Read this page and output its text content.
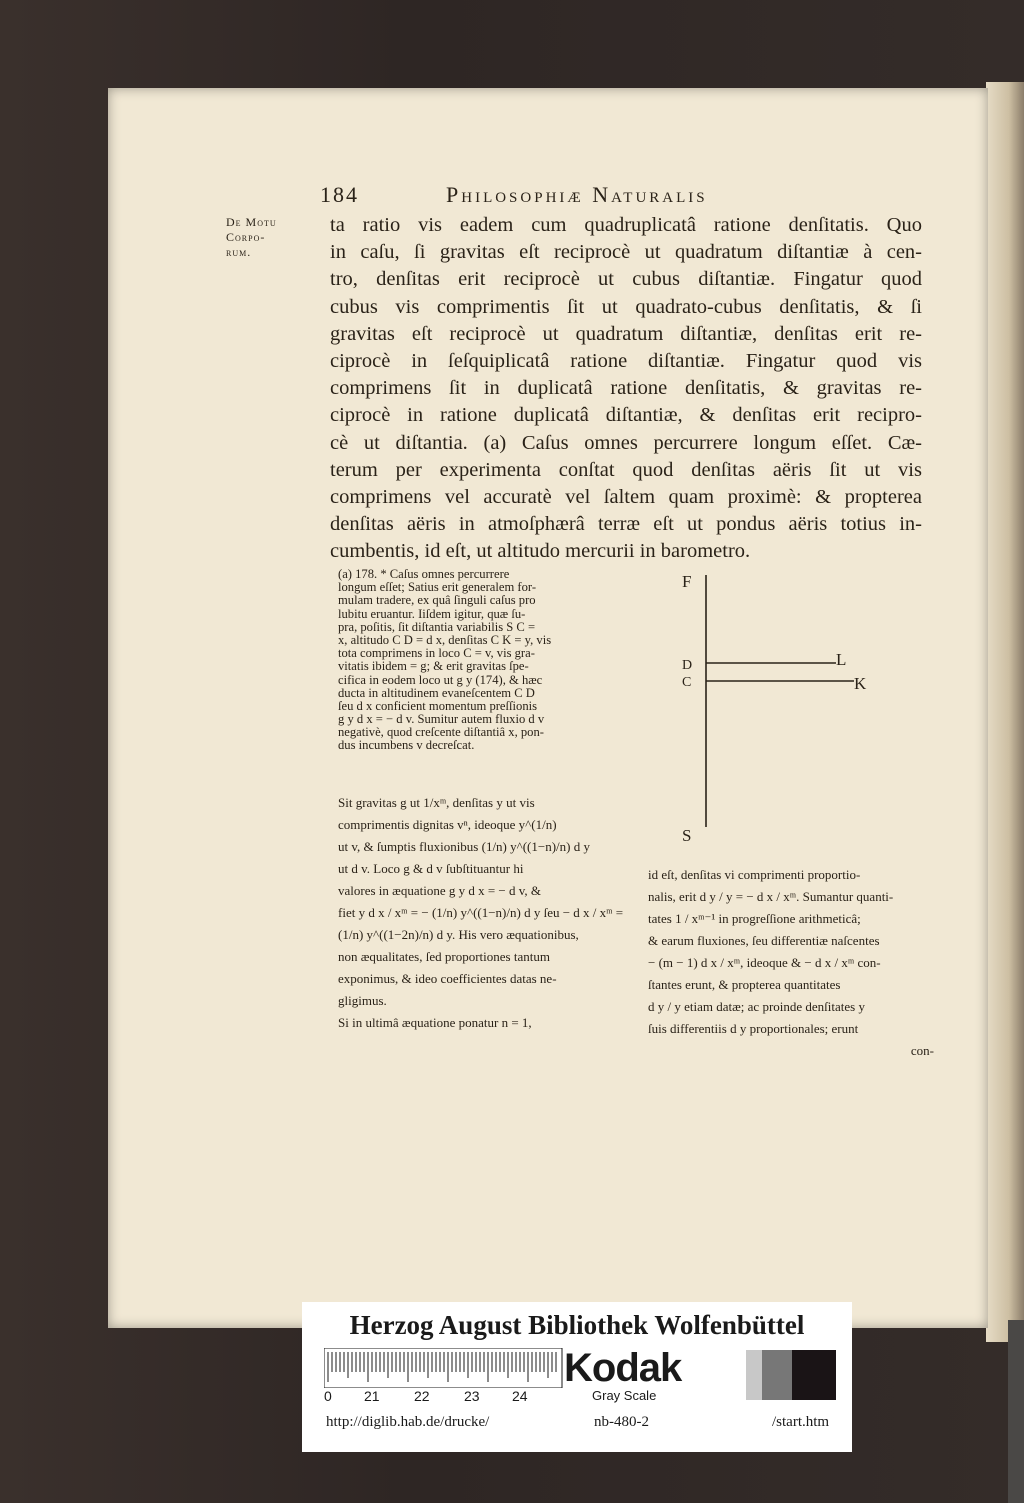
184	Philosophiæ Naturalis
De Motu
Corpo-
rum.
ta ratio vis eadem cum quadruplicatâ ratione denſitatis. Quo
in caſu, ſi gravitas eſt reciprocè ut quadratum diſtantiæ à cen-
tro, denſitas erit reciprocè ut cubus diſtantiæ. Fingatur quod
cubus vis comprimentis ſit ut quadrato-cubus denſitatis, & ſi
gravitas eſt reciprocè ut quadratum diſtantiæ, denſitas erit re-
ciprocè in ſeſquiplicatâ ratione diſtantiæ. Fingatur quod vis
comprimens ſit in duplicatâ ratione denſitatis, & gravitas re-
ciprocè in ratione duplicatâ diſtantiæ, & denſitas erit recipro-
cè ut diſtantia. (a) Caſus omnes percurrere longum eſſet. Cæ-
terum per experimenta conſtat quod denſitas aëris ſit ut vis
comprimens vel accuratè vel ſaltem quam proximè: & propterea
denſitas aëris in atmoſphærâ terræ eſt ut pondus aëris totius in-
cumbentis, id eſt, ut altitudo mercurii in barometro.
(a) 178. * Caſus omnes percurrere
longum eſſet; Satius erit generalem for-
mulam tradere, ex quâ ſinguli caſus pro
lubitu eruantur. Iiſdem igitur, quæ ſu-
pra, poſitis, ſit diſtantia variabilis S C =
x, altitudo C D = d x, denſitas C K = y, vis
tota comprimens in loco C = v, vis gra-
vitatis ibidem = g; & erit gravitas ſpe-
cifica in eodem loco ut g y (174), & hæc
ducta in altitudinem evaneſcentem C D
ſeu d x conficient momentum preſſionis
g y d x = − d v. Sumitur autem fluxio d v
negativè, quod creſcente diſtantiâ x, pon-
dus incumbens v decreſcat.
Sit gravitas g ut 1/xᵐ, denſitas y ut vis
comprimentis dignitas vⁿ, ideoque y^(1/n)
ut v, & ſumptis fluxionibus (1/n) y^((1−n)/n) d y
ut d v. Loco g & d v ſubſtituantur hi
valores in æquatione g y d x = − d v, &
fiet y d x / xᵐ = − (1/n) y^((1−n)/n) d y ſeu − d x / xᵐ =
(1/n) y^((1−2n)/n) d y. His vero æquationibus,
non æqualitates, ſed proportiones tantum
exponimus, & ideo coefficientes datas ne-
gligimus.
Si in ultimâ æquatione ponatur n = 1,
id eſt, denſitas vi comprimenti proportio-
nalis, erit d y / y = − d x / xᵐ. Sumantur quanti-
tates 1 / xᵐ⁻¹ in progreſſione arithmeticâ;
& earum fluxiones, ſeu differentiæ naſcentes
− (m − 1) d x / xᵐ, ideoque & − d x / xᵐ con-
ſtantes erunt, & propterea quantitates
d y / y etiam datæ; ac proinde denſitates y
ſuis differentiis d y proportionales; erunt
con-
F
D	L
C	K
S
Herzog August Bibliothek Wolfenbüttel
0 21 22 23 24
Kodak
Gray Scale
http://diglib.hab.de/drucke/	nb-480-2	/start.htm
